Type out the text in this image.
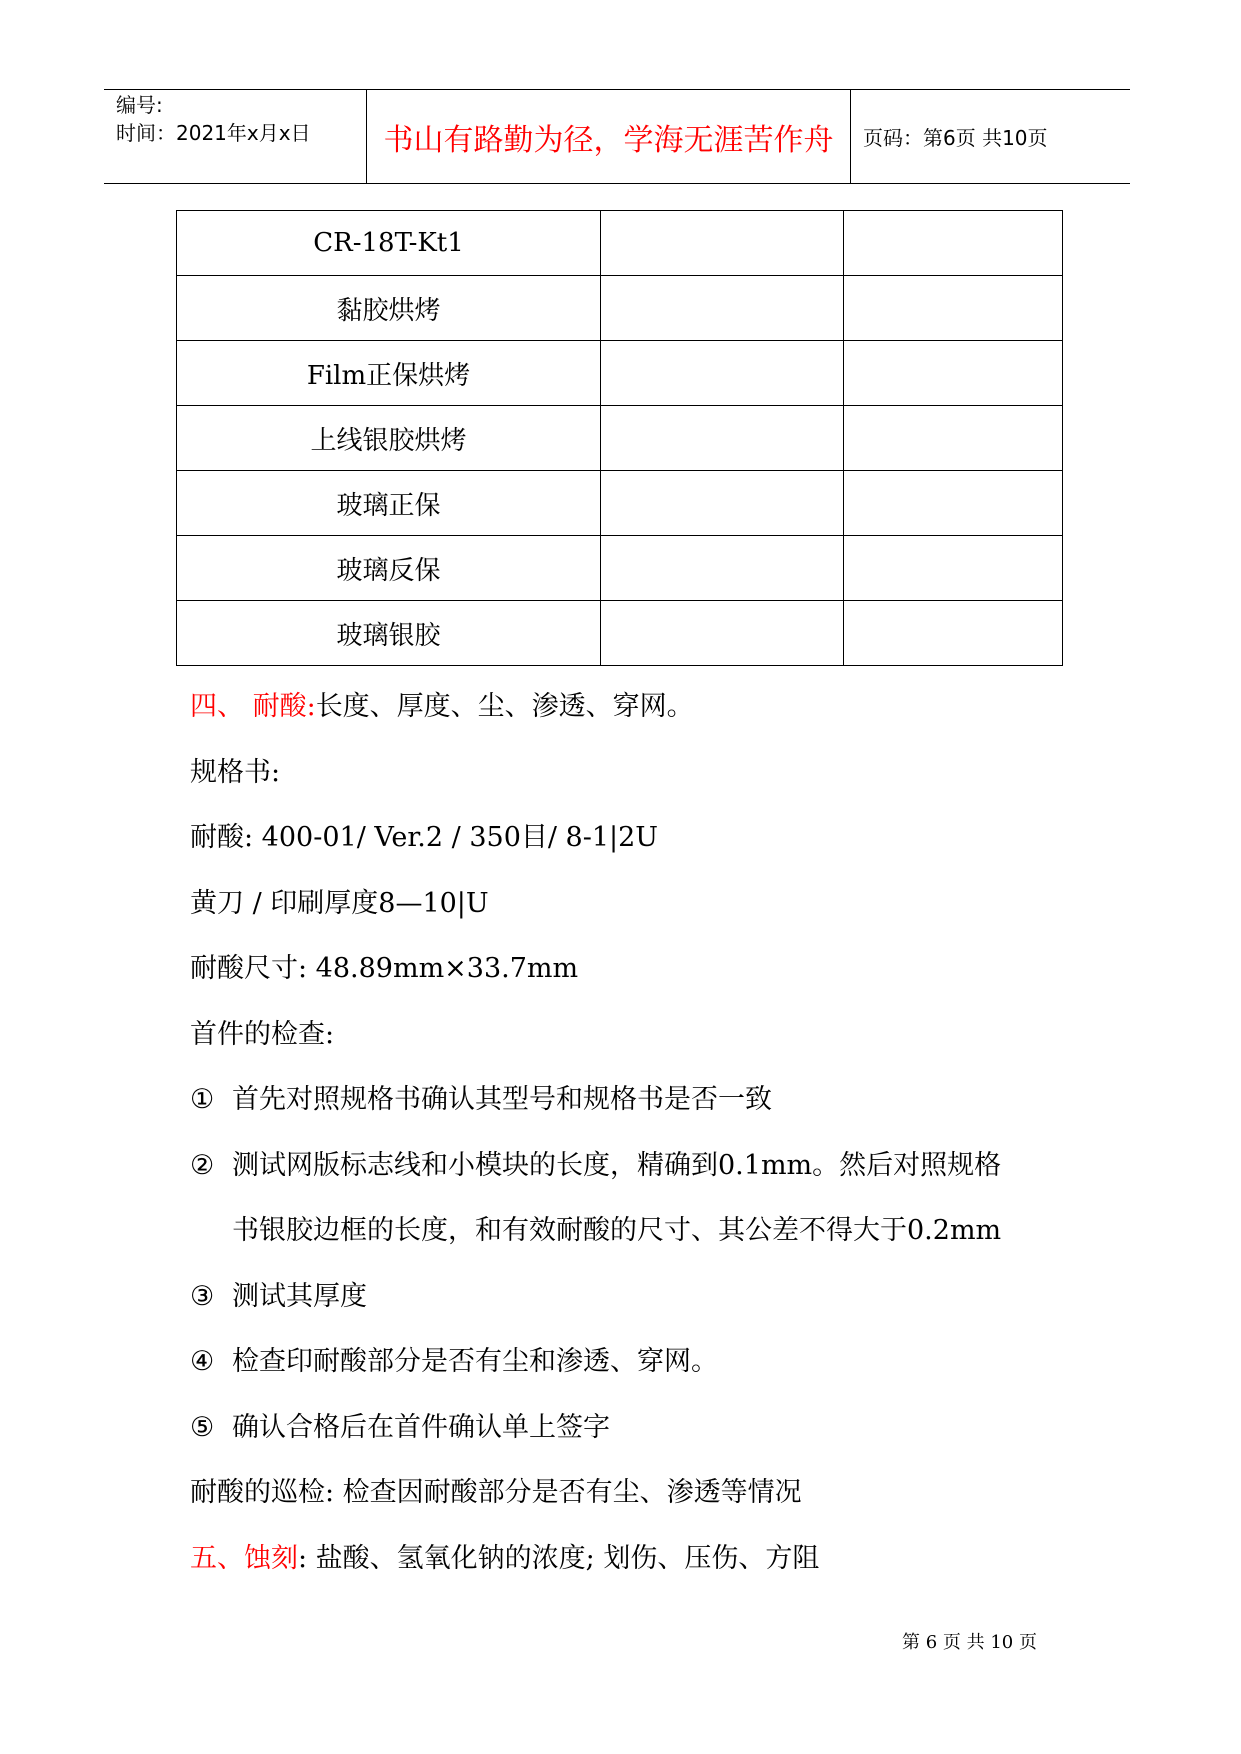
编号:
时间：2021年x月x日	书山有路勤为径，学海无涯苦作舟	页码：第6页 共10页
CR-18T-Kt1		
黏胶烘烤		
Film正保烘烤		
上线银胶烘烤		
玻璃正保		
玻璃反保		
玻璃银胶		
四、 耐酸:长度、厚度、尘、渗透、穿网。
规格书:
耐酸: 400-01/ Ver.2 / 350目/ 8-1|2U
黄刀 / 印刷厚度8—10|U
耐酸尺寸: 48.89mm×33.7mm
首件的检查:
① 首先对照规格书确认其型号和规格书是否一致
② 测试网版标志线和小模块的长度，精确到0.1mm。然后对照规格
书银胶边框的长度，和有效耐酸的尺寸、其公差不得大于0.2mm
③ 测试其厚度
④ 检查印耐酸部分是否有尘和渗透、穿网。
⑤ 确认合格后在首件确认单上签字
耐酸的巡检: 检查因耐酸部分是否有尘、渗透等情况
五、蚀刻: 盐酸、氢氧化钠的浓度; 划伤、压伤、方阻
第 6 页 共 10 页
